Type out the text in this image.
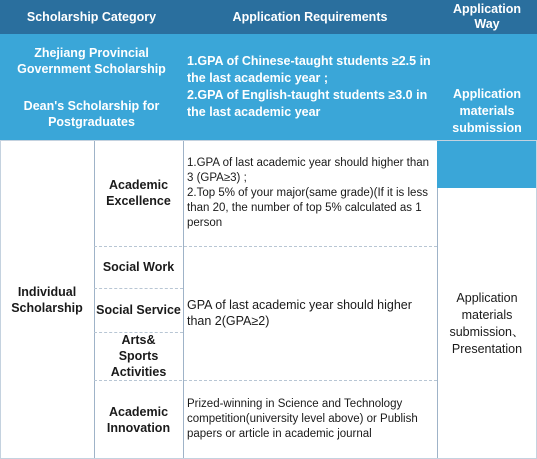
Scholarship Category	Application Requirements
Application Way
Zhejiang Provincial Government Scholarship
Dean's Scholarship for Postgraduates
1.GPA of Chinese-taught students ≥2.5 in the last academic year ;
2.GPA of English-taught students ≥3.0 in the last academic year
Application materials submission
Individual Scholarship
Academic Excellence
1.GPA of last academic year should higher than 3 (GPA≥3) ;
2.Top 5% of your major(same grade)(If it is less than 20, the number of top 5% calculated as 1 person
Social Work
Social Service
Arts& Sports Activities
GPA of last academic year should higher than 2(GPA≥2)
Academic Innovation
Prized-winning in Science and Technology competition(university level above) or Publish papers or article in academic journal
Application materials submission、Presentation
